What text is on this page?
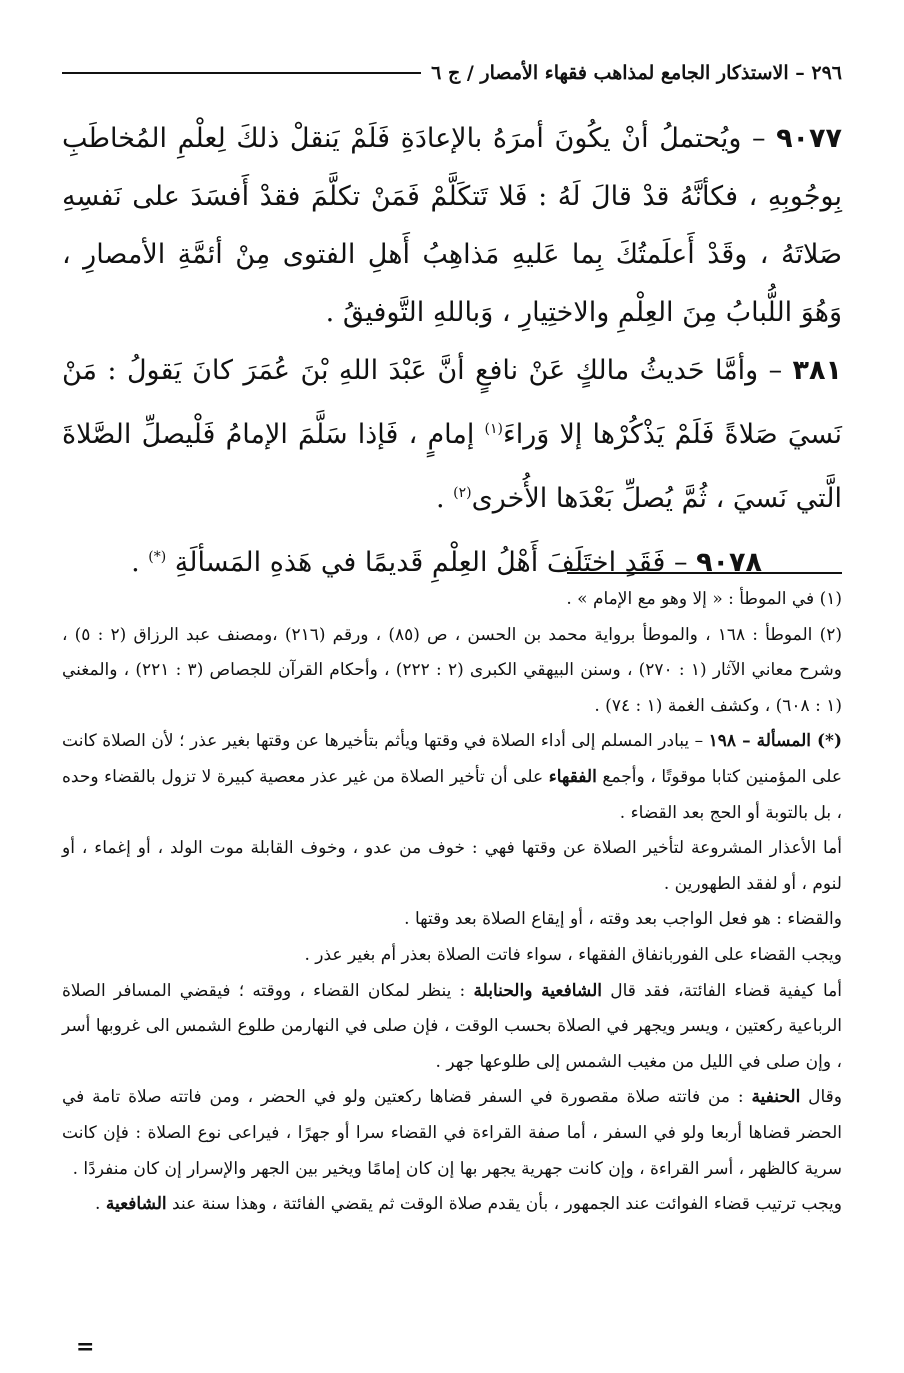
٢٩٦ – الاستذكار الجامع لمذاهب فقهاء الأمصار / ج ٦

٩٠٧٧ – ويُحتملُ أنْ يكُونَ أمرَهُ بالإعادَةِ فَلَمْ يَنقلْ ذلكَ لِعلْمِ المُخاطَبِ بِوجُوبِهِ ، فكأنَّهُ قدْ قالَ لَهُ : فَلا تَتكَلَّمْ فَمَنْ تكلَّمَ فقدْ أَفسَدَ على نَفسِهِ صَلاتَهُ ، وقَدْ أَعلَمتُكَ بِما عَليهِ مَذاهِبُ أَهلِ الفتوى مِنْ أئمَّةِ الأمصارِ ، وَهُوَ اللُّبابُ مِنَ العِلْمِ والاختِيارِ ، وَباللهِ التَّوفيقُ .

٣٨١ – وأمَّا حَديثُ مالكٍ عَنْ نافعٍ أنَّ عَبْدَ اللهِ بْنَ عُمَرَ كانَ يَقولُ : مَنْ نَسيَ صَلاةً فَلَمْ يَذْكُرْها إلا وَراءَ$^{(١)}$ إمامٍ ، فَإذا سَلَّمَ الإمامُ فَلْيصلِّ الصَّلاةَ الَّتي نَسيَ ، ثُمَّ يُصلِّ بَعْدَها الأُخرى$^{(٢)}$ .

٩٠٧٨ – فَقَدِ اختَلَفَ أَهْلُ العِلْمِ قَديمًا في هَذهِ المَسألَةِ (*) .

(١) في الموطأ : « إلا وهو مع الإمام » .

(٢) الموطأ : ١٦٨ ، والموطأ برواية محمد بن الحسن ، ص (٨٥) ، ورقم (٢١٦) ،ومصنف عبد الرزاق (٢ : ٥) ، وشرح معاني الآثار (١ : ٢٧٠) ، وسنن البيهقي الكبرى (٢ : ٢٢٢) ، وأحكام القرآن للجصاص (٣ : ٢٢١) ، والمغني (١ : ٦٠٨) ، وكشف الغمة (١ : ٧٤) .

(*) المسألة – ١٩٨ – يبادر المسلم إلى أداء الصلاة في وقتها ويأثم بتأخيرها عن وقتها بغير عذر ؛ لأن الصلاة كانت على المؤمنين كتابا موقوتًا ، وأجمع الفقهاء على أن تأخير الصلاة من غير عذر معصية كبيرة لا تزول بالقضاء وحده ، بل بالتوبة أو الحج بعد القضاء .

أما الأعذار المشروعة لتأخير الصلاة عن وقتها فهي : خوف من عدو ، وخوف القابلة موت الولد ، أو إغماء ، أو لنوم ، أو لفقد الطهورين .

والقضاء : هو فعل الواجب بعد وقته ، أو إيقاع الصلاة بعد وقتها .

ويجب القضاء على الفوربانفاق الفقهاء ، سواء فاتت الصلاة بعذر أم بغير عذر .

أما كيفية قضاء الفائتة، فقد قال الشافعية والحنابلة : ينظر لمكان القضاء ، ووقته ؛ فيقضي المسافر الصلاة الرباعية ركعتين ، ويسر ويجهر في الصلاة بحسب الوقت ، فإن صلى في النهارمن طلوع الشمس الى غروبها أسر ، وإن صلى في الليل من مغيب الشمس إلى طلوعها جهر .

وقال الحنفية : من فاتته صلاة مقصورة في السفر قضاها ركعتين ولو في الحضر ، ومن فاتته صلاة تامة في الحضر قضاها أربعا ولو في السفر ، أما صفة القراءة في القضاء سرا أو جهرًا ، فيراعى نوع الصلاة : فإن كانت سرية كالظهر ، أسر القراءة ، وإن كانت جهرية يجهر بها إن كان إمامًا ويخير بين الجهر والإسرار إن كان منفردًا .

ويجب ترتيب قضاء الفوائت عند الجمهور ، بأن يقدم صلاة الوقت ثم يقضي الفائتة ، وهذا سنة عند الشافعية .

=
